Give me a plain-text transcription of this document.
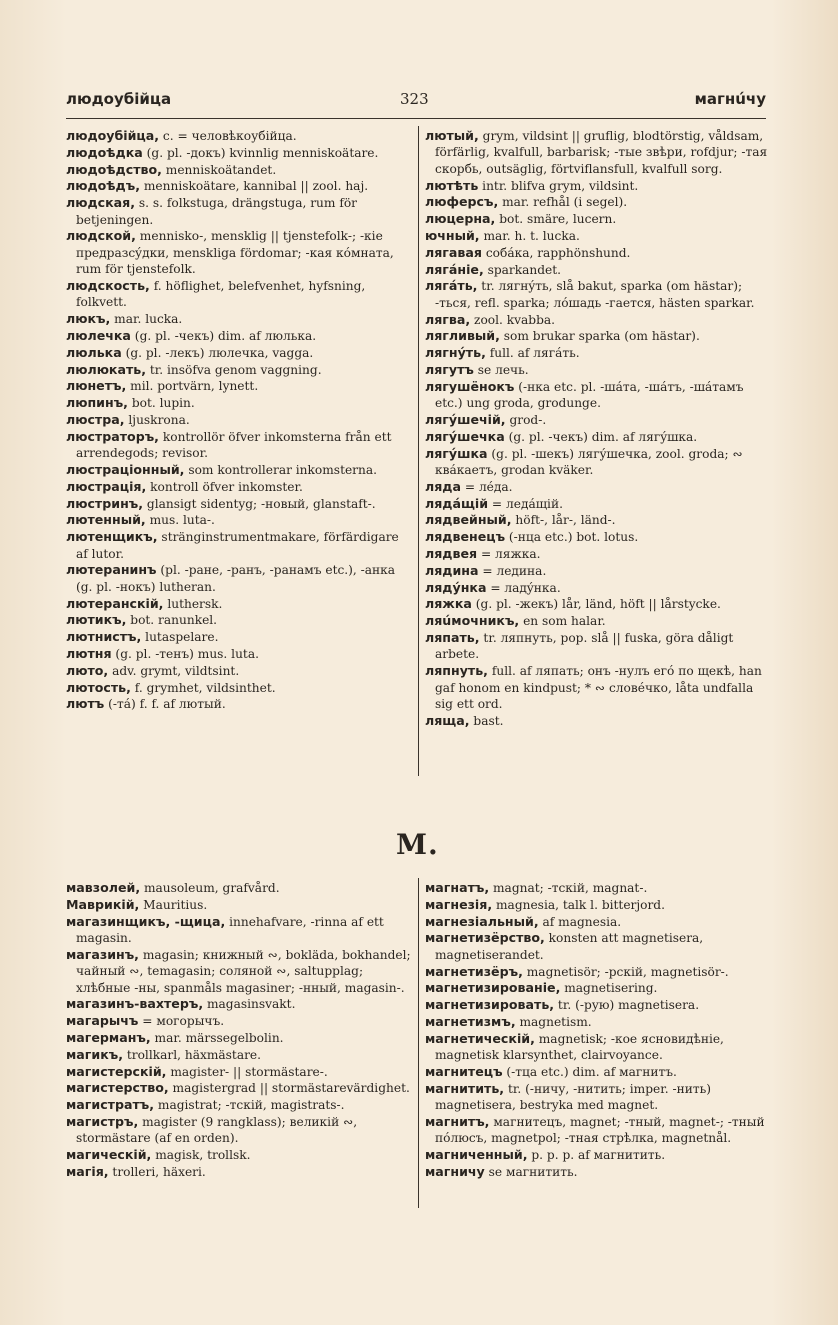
людоубійца	323	магнúчу
людоубійца, с. = человѣкоубійца.
людоѣдка (g. pl. -докъ) kvinnlig menniskoätare.
людоѣдство, menniskoätandet.
людоѣдъ, menniskoätare, kannibal || zool. haj.
людская, s. s. folkstuga, drängstuga, rum för betjeningen.
людской, mennisko-, mensklig || tjenstefolk-; -кіе предразсýдки, menskliga fördomar; -кая кóмната, rum för tjenstefolk.
людскость, f. höflighet, belefvenhet, hyfsning, folkvett.
люкъ, mar. lucka.
люлечка (g. pl. -чекъ) dim. af люлька.
люлька (g. pl. -лекъ) люлечка, vagga.
люлюкать, tr. insöfva genom vaggning.
люнетъ, mil. portvärn, lynett.
люпинъ, bot. lupin.
люстра, ljuskrona.
люстраторъ, kontrollör öfver inkomsterna från ett arrendegods; revisor.
люстраціонный, som kontrollerar inkomsterna.
люстрація, kontroll öfver inkomster.
люстринъ, glansigt sidentyg; -новый, glanstaft-.
лютенный, mus. luta-.
лютенщикъ, stränginstrumentmakare, förfärdigare af lutor.
лютеранинъ (pl. -ране, -ранъ, -ранамъ etc.), -анка (g. pl. -нокъ) lutheran.
лютеранскій, luthersk.
лютикъ, bot. ranunkel.
лютнистъ, lutaspelare.
лютня (g. pl. -тенъ) mus. luta.
люто, adv. grymt, vildtsint.
лютость, f. grymhet, vildsinthet.
лютъ (-тá) f. f. af лютый.
лютый, grym, vildsint || gruflig, blodtörstig, våldsam, förfärlig, kvalfull, barbarisk; -тые звѣри, rofdjur; -тая скорбь, outsäglig, förtviflansfull, kvalfull sorg.
лютѣть intr. blifva grym, vildsint.
люферсъ, mar. refhål (i segel).
люцерна, bot. smäre, lucern.
ючный, mar. h. t. lucka.
лягавая собáка, rapphönshund.
лягáніе, sparkandet.
лягáть, tr. лягнýть, slå bakut, sparka (om hästar); -ться, refl. sparka; лóшадь -гается, hästen sparkar.
лягва, zool. kvabba.
лягливый, som brukar sparka (om hästar).
лягнýть, full. af лягáть.
лягутъ se лечь.
лягушёнокъ (-нка etc. pl. -шáта, -шáтъ, -шáтамъ etc.) ung groda, grodunge.
лягýшечій, grod-.
лягýшечка (g. pl. -чекъ) dim. af лягýшка.
лягýшка (g. pl. -шекъ) лягýшечка, zool. groda; ∾ квáкаетъ, grodan kväker.
ляда = лéда.
лядáщій = ледáщій.
лядвейный, höft-, lår-, länd-.
лядвенецъ (-нца etc.) bot. lotus.
лядвея = ляжка.
лядина = ледина.
лядýнка = ладýнка.
ляжка (g. pl. -жекъ) lår, länd, höft || lårstycke.
ляúмочникъ, en som halar.
ляпать, tr. ляпнуть, pop. slå || fuska, göra dåligt arbete.
ляпнуть, full. af ляпать; онъ -нулъ егó по щекѣ, han gaf honom en kindpust; * ∾ словéчко, låta undfalla sig ett ord.
ляща, bast.
М.
мавзолей, mausoleum, grafvård.
Маврикій, Mauritius.
магазинщикъ, -щица, innehafvare, -rinna af ett magasin.
магазинъ, magasin; книжный ∾, bokläda, bokhandel; чайный ∾, temagasin; соляной ∾, saltupplag; хлѣбные -ны, spanmåls magasiner; -нный, magasin-.
магазинъ-вахтеръ, magasinsvakt.
магарычъ = могорычъ.
магерманъ, mar. märssegelbolin.
магикъ, trollkarl, häxmästare.
магистерскій, magister- || stormästare-.
магистерство, magistergrad || stormästarevärdighet.
магистратъ, magistrat; -тскій, magistrats-.
магистръ, magister (9 rangklass); великій ∾, stormästare (af en orden).
магическій, magisk, trollsk.
магія, trolleri, häxeri.
магнатъ, magnat; -тскій, magnat-.
магнезія, magnesia, talk l. bitterjord.
магнезіальный, af magnesia.
магнетизёрство, konsten att magnetisera, magnetiserandet.
магнетизёръ, magnetisör; -рскій, magnetisör-.
магнетизированіе, magnetisering.
магнетизировать, tr. (-рую) magnetisera.
магнетизмъ, magnetism.
магнетическій, magnetisk; -кое ясновидѣніе, magnetisk klarsynthet, clairvoyance.
магнитецъ (-тца etc.) dim. af магнитъ.
магнитить, tr. (-ничу, -нитить; imper. -нить) magnetisera, bestryka med magnet.
магнитъ, магнитецъ, magnet; -тный, magnet-; -тный пóлюсъ, magnetpol; -тная стрѣлка, magnetnål.
магниченный, p. p. p. af магнитить.
магничу se магнитить.
